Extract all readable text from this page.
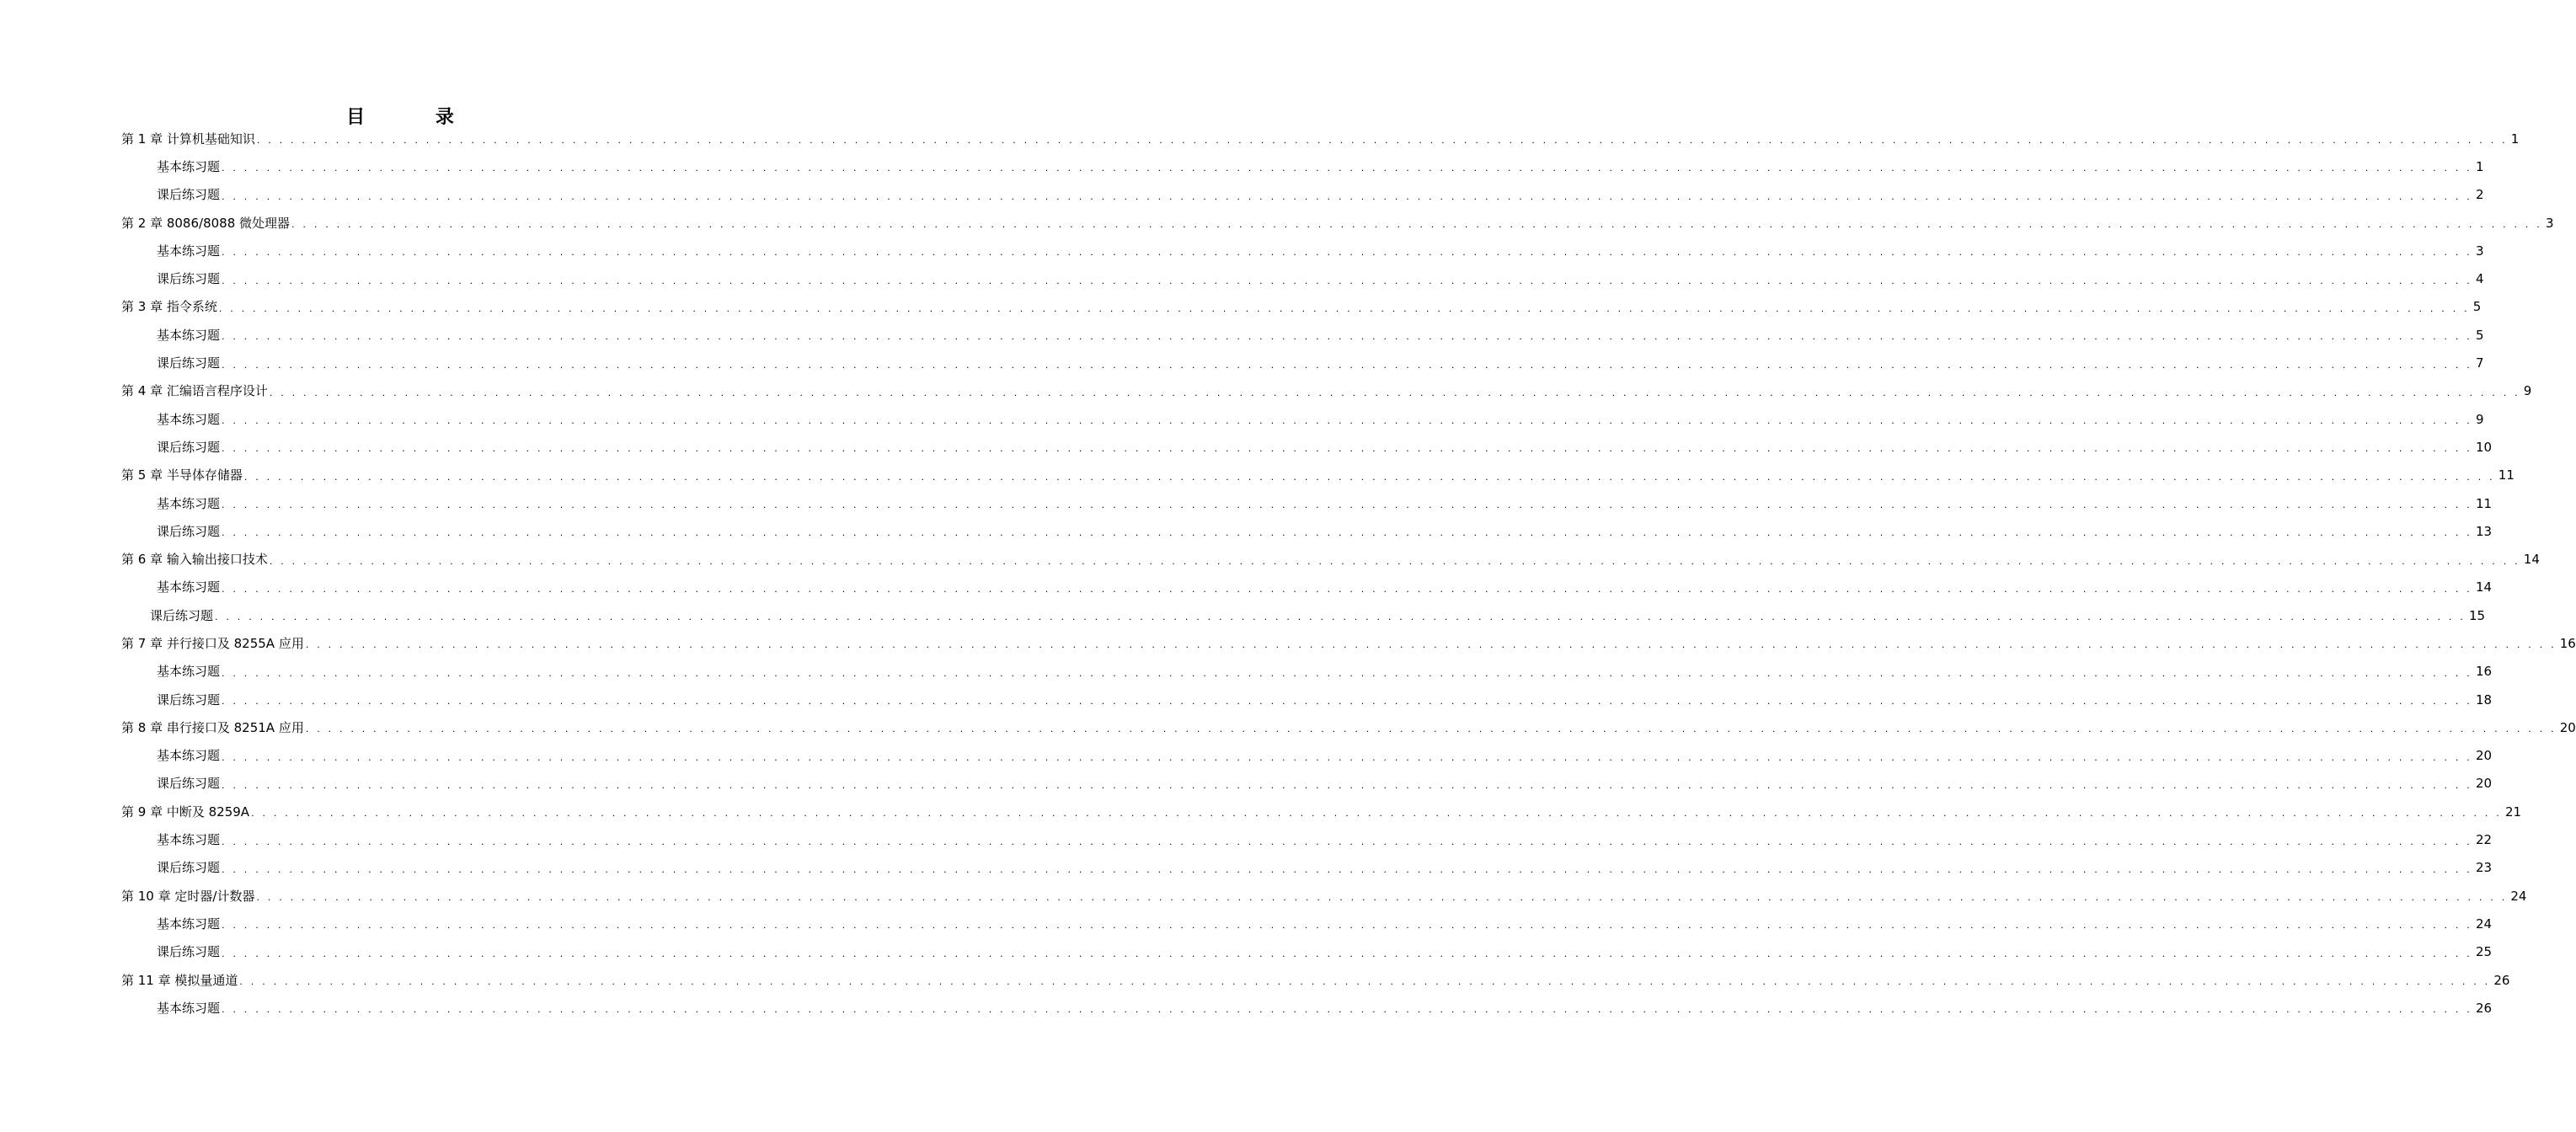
目 录
第 1 章 计算机基础知识 . . . . . . . . . . . . . . . . . . . . . . . . . . . . . . . . . . . . . . . . . . . . . . . . . . . . . . . . . . . . . . . . . . . . . . . . . . . . . . . . . . . . . . . . . . . . . . . . . . . . . . . . . . . . . . . . . . . . . . . . . . . . . . . . . . . . . . . . . . . . . . . . . . . . . . . . . . . . . . . . . . . . . . . . . . . . . . . . . . . . . . . . . . . . . . . . . . . . . . . . 1
基本练习题 . . . . . . . . . . . . . . . . . . . . . . . . . . . . . . . . . . . . . . . . . . . . . . . . . . . . . . . . . . . . . . . . . . . . . . . . . . . . . . . . . . . . . . . . . . . . . . . . . . . . . . . . . . . . . . . . . . . . . . . . . . . . . . . . . . . . . . . . . . . . . . . . . . . . . . . . . . . . . . . . . . . . . . . . . . . . . . . . . . . . . . . . . . . . . . . . . . . . . . . . 1
课后练习题 . . . . . . . . . . . . . . . . . . . . . . . . . . . . . . . . . . . . . . . . . . . . . . . . . . . . . . . . . . . . . . . . . . . . . . . . . . . . . . . . . . . . . . . . . . . . . . . . . . . . . . . . . . . . . . . . . . . . . . . . . . . . . . . . . . . . . . . . . . . . . . . . . . . . . . . . . . . . . . . . . . . . . . . . . . . . . . . . . . . . . . . . . . . . . . . . . . . . . . . . 2
第 2 章 8086/8088 微处理器 . . . . . . . . . . . . . . . . . . . . . . . . . . . . . . . . . . . . . . . . . . . . . . . . . . . . . . . . . . . . . . . . . . . . . . . . . . . . . . . . . . . . . . . . . . . . . . . . . . . . . . . . . . . . . . . . . . . . . . . . . . . . . . . . . . . . . . . . . . . . . . . . . . . . . . . . . . . . . . . . . . . . . . . . . . . . . . . . . . . . . . . . . . . . . . . . . . . . . . . . 3
基本练习题 . . . . . . . . . . . . . . . . . . . . . . . . . . . . . . . . . . . . . . . . . . . . . . . . . . . . . . . . . . . . . . . . . . . . . . . . . . . . . . . . . . . . . . . . . . . . . . . . . . . . . . . . . . . . . . . . . . . . . . . . . . . . . . . . . . . . . . . . . . . . . . . . . . . . . . . . . . . . . . . . . . . . . . . . . . . . . . . . . . . . . . . . . . . . . . . . . . . . . . . . 3
课后练习题 . . . . . . . . . . . . . . . . . . . . . . . . . . . . . . . . . . . . . . . . . . . . . . . . . . . . . . . . . . . . . . . . . . . . . . . . . . . . . . . . . . . . . . . . . . . . . . . . . . . . . . . . . . . . . . . . . . . . . . . . . . . . . . . . . . . . . . . . . . . . . . . . . . . . . . . . . . . . . . . . . . . . . . . . . . . . . . . . . . . . . . . . . . . . . . . . . . . . . . . . 4
第 3 章 指令系统 . . . . . . . . . . . . . . . . . . . . . . . . . . . . . . . . . . . . . . . . . . . . . . . . . . . . . . . . . . . . . . . . . . . . . . . . . . . . . . . . . . . . . . . . . . . . . . . . . . . . . . . . . . . . . . . . . . . . . . . . . . . . . . . . . . . . . . . . . . . . . . . . . . . . . . . . . . . . . . . . . . . . . . . . . . . . . . . . . . . . . . . . . . . . . . . . . . . . . . . . 5
基本练习题 . . . . . . . . . . . . . . . . . . . . . . . . . . . . . . . . . . . . . . . . . . . . . . . . . . . . . . . . . . . . . . . . . . . . . . . . . . . . . . . . . . . . . . . . . . . . . . . . . . . . . . . . . . . . . . . . . . . . . . . . . . . . . . . . . . . . . . . . . . . . . . . . . . . . . . . . . . . . . . . . . . . . . . . . . . . . . . . . . . . . . . . . . . . . . . . . . . . . . . . . 5
课后练习题 . . . . . . . . . . . . . . . . . . . . . . . . . . . . . . . . . . . . . . . . . . . . . . . . . . . . . . . . . . . . . . . . . . . . . . . . . . . . . . . . . . . . . . . . . . . . . . . . . . . . . . . . . . . . . . . . . . . . . . . . . . . . . . . . . . . . . . . . . . . . . . . . . . . . . . . . . . . . . . . . . . . . . . . . . . . . . . . . . . . . . . . . . . . . . . . . . . . . . . . . 7
第 4 章 汇编语言程序设计 . . . . . . . . . . . . . . . . . . . . . . . . . . . . . . . . . . . . . . . . . . . . . . . . . . . . . . . . . . . . . . . . . . . . . . . . . . . . . . . . . . . . . . . . . . . . . . . . . . . . . . . . . . . . . . . . . . . . . . . . . . . . . . . . . . . . . . . . . . . . . . . . . . . . . . . . . . . . . . . . . . . . . . . . . . . . . . . . . . . . . . . . . . . . . . . . . . . . . . . . 9
基本练习题 . . . . . . . . . . . . . . . . . . . . . . . . . . . . . . . . . . . . . . . . . . . . . . . . . . . . . . . . . . . . . . . . . . . . . . . . . . . . . . . . . . . . . . . . . . . . . . . . . . . . . . . . . . . . . . . . . . . . . . . . . . . . . . . . . . . . . . . . . . . . . . . . . . . . . . . . . . . . . . . . . . . . . . . . . . . . . . . . . . . . . . . . . . . . . . . . . . . . . . . . 9
课后练习题 . . . . . . . . . . . . . . . . . . . . . . . . . . . . . . . . . . . . . . . . . . . . . . . . . . . . . . . . . . . . . . . . . . . . . . . . . . . . . . . . . . . . . . . . . . . . . . . . . . . . . . . . . . . . . . . . . . . . . . . . . . . . . . . . . . . . . . . . . . . . . . . . . . . . . . . . . . . . . . . . . . . . . . . . . . . . . . . . . . . . . . . . . . . . . . . . . . . . . . . . 10
第 5 章 半导体存储器 . . . . . . . . . . . . . . . . . . . . . . . . . . . . . . . . . . . . . . . . . . . . . . . . . . . . . . . . . . . . . . . . . . . . . . . . . . . . . . . . . . . . . . . . . . . . . . . . . . . . . . . . . . . . . . . . . . . . . . . . . . . . . . . . . . . . . . . . . . . . . . . . . . . . . . . . . . . . . . . . . . . . . . . . . . . . . . . . . . . . . . . . . . . . . . . . . . . . . . . . 11
基本练习题 . . . . . . . . . . . . . . . . . . . . . . . . . . . . . . . . . . . . . . . . . . . . . . . . . . . . . . . . . . . . . . . . . . . . . . . . . . . . . . . . . . . . . . . . . . . . . . . . . . . . . . . . . . . . . . . . . . . . . . . . . . . . . . . . . . . . . . . . . . . . . . . . . . . . . . . . . . . . . . . . . . . . . . . . . . . . . . . . . . . . . . . . . . . . . . . . . . . . . . . . 11
课后练习题 . . . . . . . . . . . . . . . . . . . . . . . . . . . . . . . . . . . . . . . . . . . . . . . . . . . . . . . . . . . . . . . . . . . . . . . . . . . . . . . . . . . . . . . . . . . . . . . . . . . . . . . . . . . . . . . . . . . . . . . . . . . . . . . . . . . . . . . . . . . . . . . . . . . . . . . . . . . . . . . . . . . . . . . . . . . . . . . . . . . . . . . . . . . . . . . . . . . . . . . . 13
第 6 章 输入输出接口技术 . . . . . . . . . . . . . . . . . . . . . . . . . . . . . . . . . . . . . . . . . . . . . . . . . . . . . . . . . . . . . . . . . . . . . . . . . . . . . . . . . . . . . . . . . . . . . . . . . . . . . . . . . . . . . . . . . . . . . . . . . . . . . . . . . . . . . . . . . . . . . . . . . . . . . . . . . . . . . . . . . . . . . . . . . . . . . . . . . . . . . . . . . . . . . . . . . . . . . . . . 14
基本练习题 . . . . . . . . . . . . . . . . . . . . . . . . . . . . . . . . . . . . . . . . . . . . . . . . . . . . . . . . . . . . . . . . . . . . . . . . . . . . . . . . . . . . . . . . . . . . . . . . . . . . . . . . . . . . . . . . . . . . . . . . . . . . . . . . . . . . . . . . . . . . . . . . . . . . . . . . . . . . . . . . . . . . . . . . . . . . . . . . . . . . . . . . . . . . . . . . . . . . . . . . 14
课后练习题 . . . . . . . . . . . . . . . . . . . . . . . . . . . . . . . . . . . . . . . . . . . . . . . . . . . . . . . . . . . . . . . . . . . . . . . . . . . . . . . . . . . . . . . . . . . . . . . . . . . . . . . . . . . . . . . . . . . . . . . . . . . . . . . . . . . . . . . . . . . . . . . . . . . . . . . . . . . . . . . . . . . . . . . . . . . . . . . . . . . . . . . . . . . . . . . . . . . . . . . . 15
第 7 章 并行接口及 8255A 应用 . . . . . . . . . . . . . . . . . . . . . . . . . . . . . . . . . . . . . . . . . . . . . . . . . . . . . . . . . . . . . . . . . . . . . . . . . . . . . . . . . . . . . . . . . . . . . . . . . . . . . . . . . . . . . . . . . . . . . . . . . . . . . . . . . . . . . . . . . . . . . . . . . . . . . . . . . . . . . . . . . . . . . . . . . . . . . . . . . . . . . . . . . . . . . . . . . . . . . . . . 16
基本练习题 . . . . . . . . . . . . . . . . . . . . . . . . . . . . . . . . . . . . . . . . . . . . . . . . . . . . . . . . . . . . . . . . . . . . . . . . . . . . . . . . . . . . . . . . . . . . . . . . . . . . . . . . . . . . . . . . . . . . . . . . . . . . . . . . . . . . . . . . . . . . . . . . . . . . . . . . . . . . . . . . . . . . . . . . . . . . . . . . . . . . . . . . . . . . . . . . . . . . . . . . 16
课后练习题 . . . . . . . . . . . . . . . . . . . . . . . . . . . . . . . . . . . . . . . . . . . . . . . . . . . . . . . . . . . . . . . . . . . . . . . . . . . . . . . . . . . . . . . . . . . . . . . . . . . . . . . . . . . . . . . . . . . . . . . . . . . . . . . . . . . . . . . . . . . . . . . . . . . . . . . . . . . . . . . . . . . . . . . . . . . . . . . . . . . . . . . . . . . . . . . . . . . . . . . . 18
第 8 章 串行接口及 8251A 应用 . . . . . . . . . . . . . . . . . . . . . . . . . . . . . . . . . . . . . . . . . . . . . . . . . . . . . . . . . . . . . . . . . . . . . . . . . . . . . . . . . . . . . . . . . . . . . . . . . . . . . . . . . . . . . . . . . . . . . . . . . . . . . . . . . . . . . . . . . . . . . . . . . . . . . . . . . . . . . . . . . . . . . . . . . . . . . . . . . . . . . . . . . . . . . . . . . . . . . . . . 20
基本练习题 . . . . . . . . . . . . . . . . . . . . . . . . . . . . . . . . . . . . . . . . . . . . . . . . . . . . . . . . . . . . . . . . . . . . . . . . . . . . . . . . . . . . . . . . . . . . . . . . . . . . . . . . . . . . . . . . . . . . . . . . . . . . . . . . . . . . . . . . . . . . . . . . . . . . . . . . . . . . . . . . . . . . . . . . . . . . . . . . . . . . . . . . . . . . . . . . . . . . . . . . 20
课后练习题 . . . . . . . . . . . . . . . . . . . . . . . . . . . . . . . . . . . . . . . . . . . . . . . . . . . . . . . . . . . . . . . . . . . . . . . . . . . . . . . . . . . . . . . . . . . . . . . . . . . . . . . . . . . . . . . . . . . . . . . . . . . . . . . . . . . . . . . . . . . . . . . . . . . . . . . . . . . . . . . . . . . . . . . . . . . . . . . . . . . . . . . . . . . . . . . . . . . . . . . . 20
第 9 章 中断及 8259A . . . . . . . . . . . . . . . . . . . . . . . . . . . . . . . . . . . . . . . . . . . . . . . . . . . . . . . . . . . . . . . . . . . . . . . . . . . . . . . . . . . . . . . . . . . . . . . . . . . . . . . . . . . . . . . . . . . . . . . . . . . . . . . . . . . . . . . . . . . . . . . . . . . . . . . . . . . . . . . . . . . . . . . . . . . . . . . . . . . . . . . . . . . . . . . . . . . . . . . . 21
基本练习题 . . . . . . . . . . . . . . . . . . . . . . . . . . . . . . . . . . . . . . . . . . . . . . . . . . . . . . . . . . . . . . . . . . . . . . . . . . . . . . . . . . . . . . . . . . . . . . . . . . . . . . . . . . . . . . . . . . . . . . . . . . . . . . . . . . . . . . . . . . . . . . . . . . . . . . . . . . . . . . . . . . . . . . . . . . . . . . . . . . . . . . . . . . . . . . . . . . . . . . . . 22
课后练习题 . . . . . . . . . . . . . . . . . . . . . . . . . . . . . . . . . . . . . . . . . . . . . . . . . . . . . . . . . . . . . . . . . . . . . . . . . . . . . . . . . . . . . . . . . . . . . . . . . . . . . . . . . . . . . . . . . . . . . . . . . . . . . . . . . . . . . . . . . . . . . . . . . . . . . . . . . . . . . . . . . . . . . . . . . . . . . . . . . . . . . . . . . . . . . . . . . . . . . . . . 23
第 10 章 定时器/计数器 . . . . . . . . . . . . . . . . . . . . . . . . . . . . . . . . . . . . . . . . . . . . . . . . . . . . . . . . . . . . . . . . . . . . . . . . . . . . . . . . . . . . . . . . . . . . . . . . . . . . . . . . . . . . . . . . . . . . . . . . . . . . . . . . . . . . . . . . . . . . . . . . . . . . . . . . . . . . . . . . . . . . . . . . . . . . . . . . . . . . . . . . . . . . . . . . . . . . . . . . 24
基本练习题 . . . . . . . . . . . . . . . . . . . . . . . . . . . . . . . . . . . . . . . . . . . . . . . . . . . . . . . . . . . . . . . . . . . . . . . . . . . . . . . . . . . . . . . . . . . . . . . . . . . . . . . . . . . . . . . . . . . . . . . . . . . . . . . . . . . . . . . . . . . . . . . . . . . . . . . . . . . . . . . . . . . . . . . . . . . . . . . . . . . . . . . . . . . . . . . . . . . . . . . . 24
课后练习题 . . . . . . . . . . . . . . . . . . . . . . . . . . . . . . . . . . . . . . . . . . . . . . . . . . . . . . . . . . . . . . . . . . . . . . . . . . . . . . . . . . . . . . . . . . . . . . . . . . . . . . . . . . . . . . . . . . . . . . . . . . . . . . . . . . . . . . . . . . . . . . . . . . . . . . . . . . . . . . . . . . . . . . . . . . . . . . . . . . . . . . . . . . . . . . . . . . . . . . . . 25
第 11 章 模拟量通道 . . . . . . . . . . . . . . . . . . . . . . . . . . . . . . . . . . . . . . . . . . . . . . . . . . . . . . . . . . . . . . . . . . . . . . . . . . . . . . . . . . . . . . . . . . . . . . . . . . . . . . . . . . . . . . . . . . . . . . . . . . . . . . . . . . . . . . . . . . . . . . . . . . . . . . . . . . . . . . . . . . . . . . . . . . . . . . . . . . . . . . . . . . . . . . . . . . . . . . . . 26
基本练习题 . . . . . . . . . . . . . . . . . . . . . . . . . . . . . . . . . . . . . . . . . . . . . . . . . . . . . . . . . . . . . . . . . . . . . . . . . . . . . . . . . . . . . . . . . . . . . . . . . . . . . . . . . . . . . . . . . . . . . . . . . . . . . . . . . . . . . . . . . . . . . . . . . . . . . . . . . . . . . . . . . . . . . . . . . . . . . . . . . . . . . . . . . . . . . . . . . . . . . . . . 26
